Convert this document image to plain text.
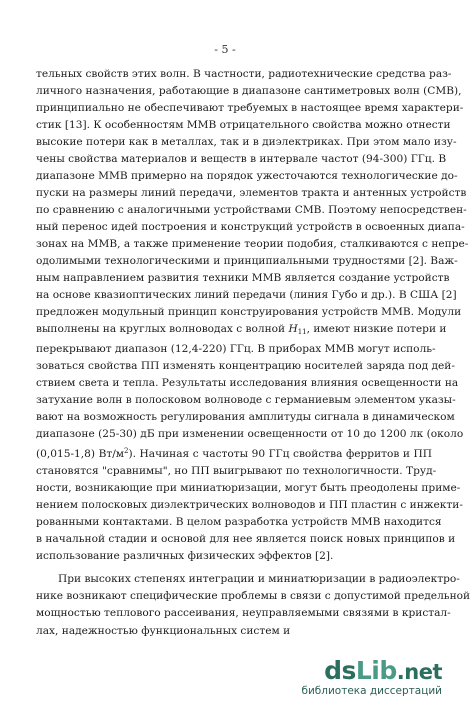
- 5 -
тельных свойств этих волн. В частности, радиотехнические средства раз-
личного назначения, работающие в диапазоне сантиметровых волн (СМВ),
принципиально не обеспечивают требуемых в настоящее время характери-
стик [13]. К особенностям ММВ отрицательного свойства можно отнести
высокие потери как в металлах, так и в диэлектриках. При этом мало изу-
чены свойства материалов и веществ в интервале частот (94-300) ГГц. В
диапазоне ММВ примерно на порядок ужесточаются технологические до-
пуски на размеры линий передачи, элементов тракта и антенных устройств
по сравнению с аналогичными устройствами СМВ. Поэтому непосредствен-
ный перенос идей построения и конструкций устройств в освоенных диапа-
зонах на ММВ, а также применение теории подобия, сталкиваются с непре-
одолимыми технологическими и принципиальными трудностями [2]. Важ-
ным направлением развития техники ММВ является создание устройств
на основе квазиоптических линий передачи (линия Губо и др.). В США [2]
предложен модульный принцип конструирования устройств ММВ. Модули
выполнены на круглых волноводах с волной $H_{11}$, имеют низкие потери и
перекрывают диапазон (12,4-220) ГГц. В приборах ММВ могут исполь-
зоваться свойства ПП изменять концентрацию носителей заряда под дей-
ствием света и тепла. Результаты исследования влияния освещенности на
затухание волн в полосковом волноводе с германиевым элементом указы-
вают на возможность регулирования амплитуды сигнала в динамическом
диапазоне (25-30) дБ при изменении освещенности от 10 до 1200 лк (около
(0,015-1,8) $Вт/м^2$). Начиная с частоты 90 ГГц свойства ферритов и ПП
становятся "сравнимы", но ПП выигрывают по технологичности. Труд-
ности, возникающие при миниатюризации, могут быть преодолены приме-
нением полосковых диэлектрических волноводов и ПП пластин с инжекти-
рованными контактами. В целом разработка устройств ММВ находится
в начальной стадии и основой для нее является поиск новых принципов и
использование различных физических эффектов [2].
При высоких степенях интеграции и миниатюризации в радиоэлектро-
нике возникают специфические проблемы в связи с допустимой предельной
мощностью теплового рассеивания, неуправляемыми связями в кристал-
лах, надежностью функциональных систем и
dsLib.net
библиотека диссертаций
